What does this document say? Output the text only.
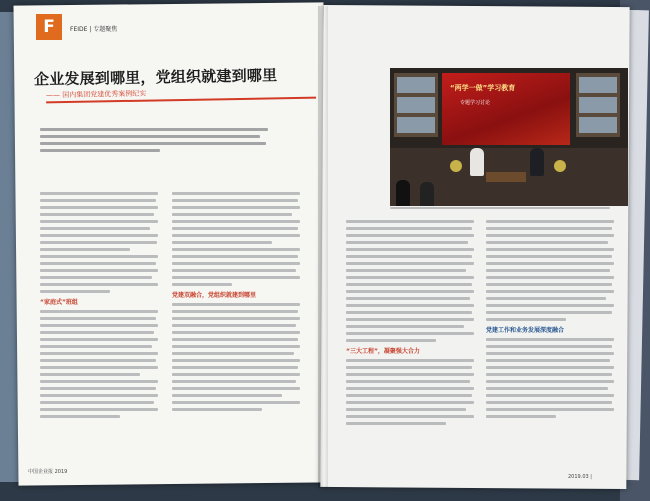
F	FEIDE | 专题聚焦
企业发展到哪里，党组织就建到哪里
—— 国内集团党建优秀案例纪实
“家庭式”班组
党建双融合，党组织就建到哪里
中国企业报 2019
“两学一做”学习教育
专题学习讨论
“三大工程”，凝聚强大合力
党建工作和业务发展深度融合
2019.03 |
